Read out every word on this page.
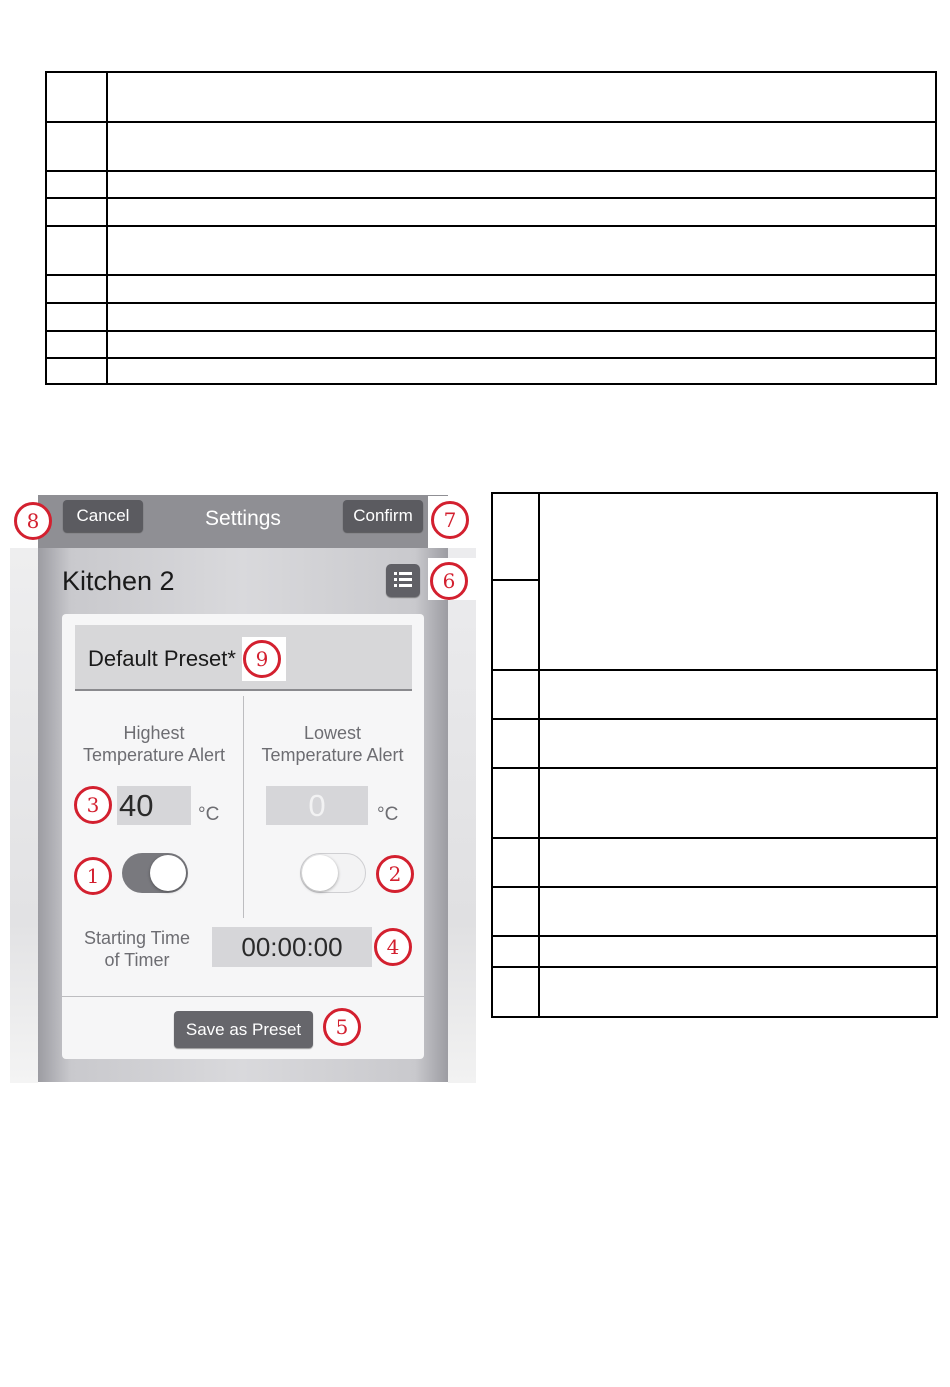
Cancel	Settings	Confirm
Kitchen 2
Default Preset*
Highest
Temperature Alert
Lowest
Temperature Alert
40	°C	0	°C
Starting Time
of Timer	00:00:00
Save as Preset
1	2
3
4
5
6
7
8
9
